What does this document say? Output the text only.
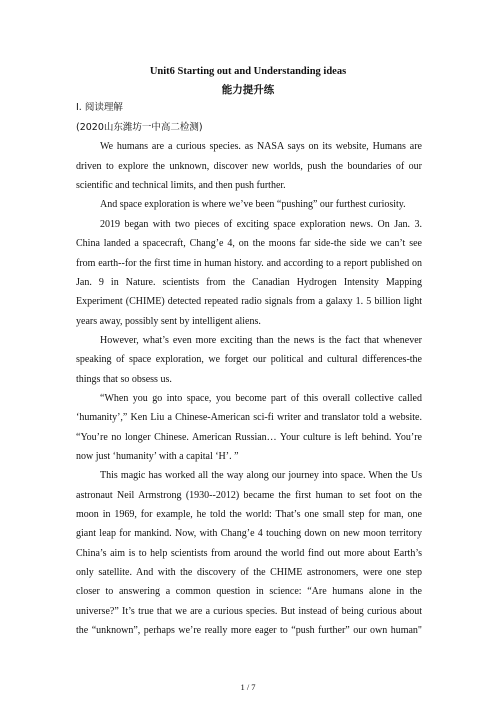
Unit6 Starting out and Understanding ideas
能力提升练
I. 阅读理解
(2020山东潍坊一中高二检测)
We humans are a curious species. as NASA says on its website, Humans are
driven to explore the unknown, discover new worlds, push the boundaries of our
scientific and technical limits, and then push further.
And space exploration is where we’ve been “pushing” our furthest curiosity.
2019 began with two pieces of exciting space exploration news. On Jan. 3.
China landed a spacecraft, Chang’e 4, on the moons far side-the side we can’t see
from earth--for the first time in human history. and according to a report published on
Jan. 9 in Nature. scientists from the Canadian Hydrogen Intensity Mapping
Experiment (CHIME) detected repeated radio signals from a galaxy 1. 5 billion light
years away, possibly sent by intelligent aliens.
However, what’s even more exciting than the news is the fact that whenever
speaking of space exploration, we forget our political and cultural differences-the
things that so obsess us.
“When you go into space, you become part of this overall collective called
‘humanity’,” Ken Liu a Chinese-American sci-fi writer and translator told a website.
“You’re no longer Chinese. American Russian… Your culture is left behind. You’re
now just ‘humanity’ with a capital ‘H’. ”
This magic has worked all the way along our journey into space. When the Us
astronaut Neil Armstrong (1930--2012) became the first human to set foot on the
moon in 1969, for example, he told the world: That’s one small step for man, one
giant leap for mankind. Now, with Chang’e 4 touching down on new moon territory
China’s aim is to help scientists from around the world find out more about Earth’s
only satellite. And with the discovery of the CHIME astronomers, were one step
closer to answering a common question in science: “Are humans alone in the
universe?” It’s true that we are a curious species. But instead of being curious about
the “unknown”, perhaps we’re really more eager to “push further” our own human"
1 / 7
